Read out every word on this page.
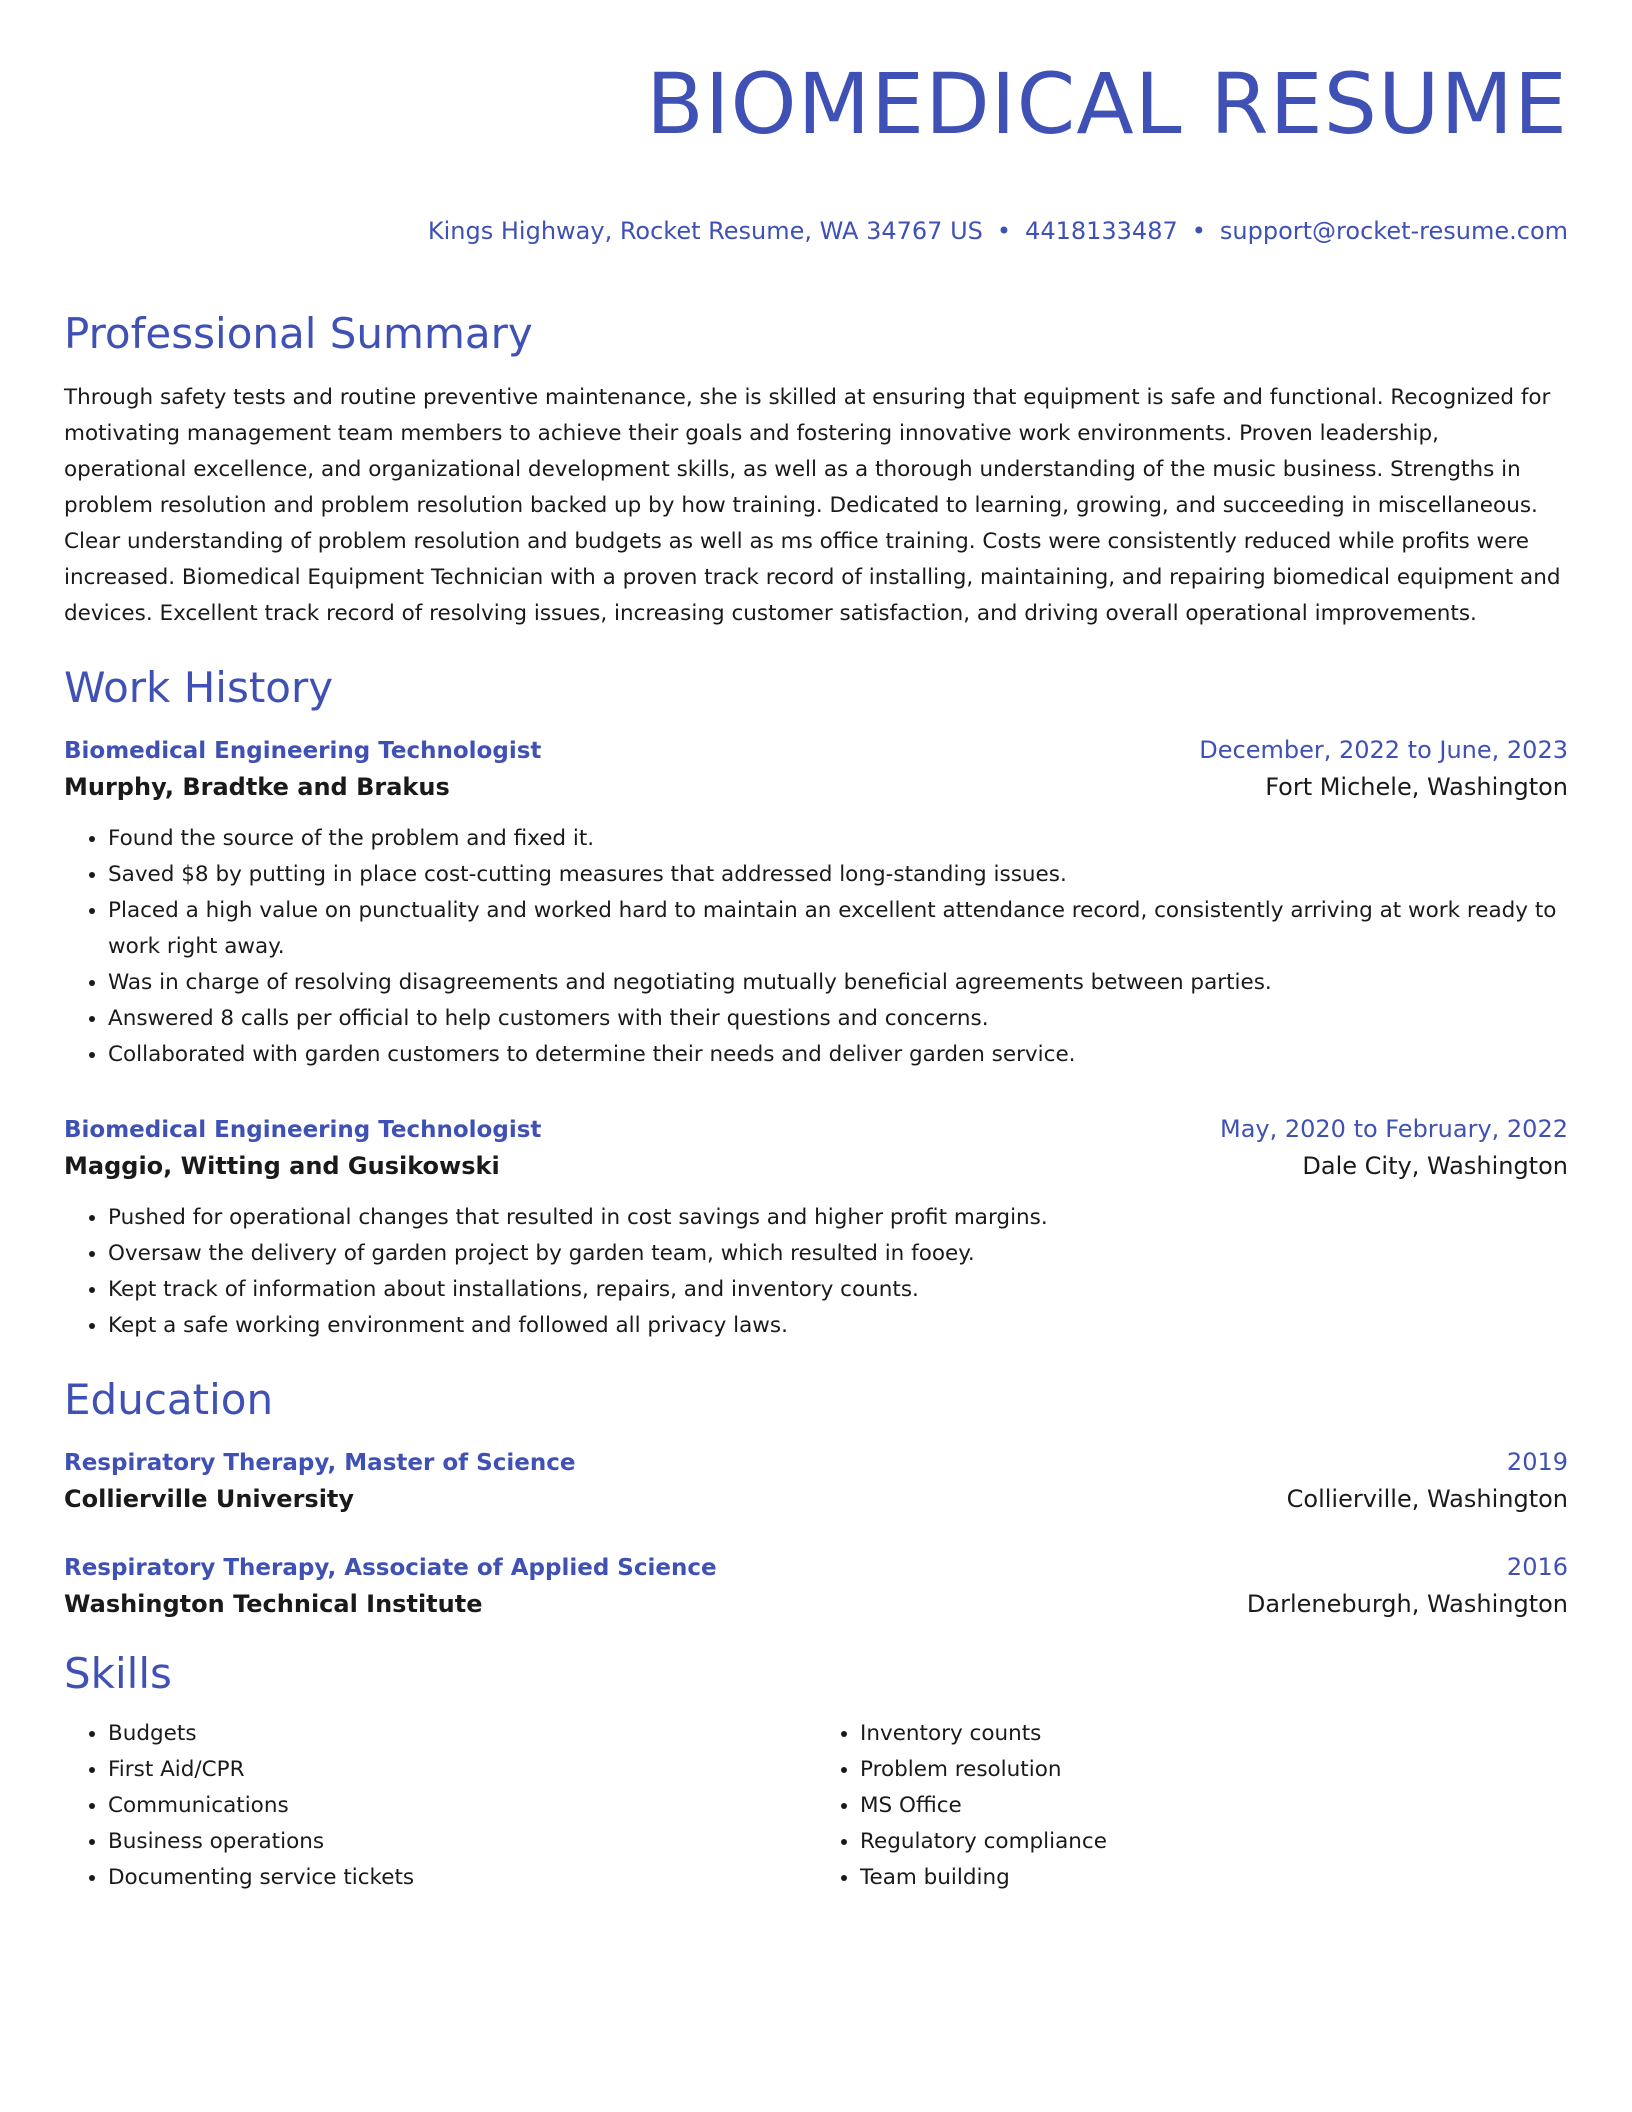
BIOMEDICAL RESUME
Kings Highway, Rocket Resume, WA 34767 US • 4418133487 • support@rocket-resume.com
Professional Summary
Through safety tests and routine preventive maintenance, she is skilled at ensuring that equipment is safe and functional. Recognized for motivating management team members to achieve their goals and fostering innovative work environments. Proven leadership, operational excellence, and organizational development skills, as well as a thorough understanding of the music business. Strengths in problem resolution and problem resolution backed up by how training. Dedicated to learning, growing, and succeeding in miscellaneous. Clear understanding of problem resolution and budgets as well as ms office training. Costs were consistently reduced while profits were increased. Biomedical Equipment Technician with a proven track record of installing, maintaining, and repairing biomedical equipment and devices. Excellent track record of resolving issues, increasing customer satisfaction, and driving overall operational improvements.
Work History
Biomedical Engineering Technologist	December, 2022 to June, 2023
Murphy, Bradtke and Brakus	Fort Michele, Washington
• Found the source of the problem and fixed it.
• Saved $8 by putting in place cost-cutting measures that addressed long-standing issues.
• Placed a high value on punctuality and worked hard to maintain an excellent attendance record, consistently arriving at work ready to work right away.
• Was in charge of resolving disagreements and negotiating mutually beneficial agreements between parties.
• Answered 8 calls per official to help customers with their questions and concerns.
• Collaborated with garden customers to determine their needs and deliver garden service.
Biomedical Engineering Technologist	May, 2020 to February, 2022
Maggio, Witting and Gusikowski	Dale City, Washington
• Pushed for operational changes that resulted in cost savings and higher profit margins.
• Oversaw the delivery of garden project by garden team, which resulted in fooey.
• Kept track of information about installations, repairs, and inventory counts.
• Kept a safe working environment and followed all privacy laws.
Education
Respiratory Therapy, Master of Science	2019
Collierville University	Collierville, Washington
Respiratory Therapy, Associate of Applied Science	2016
Washington Technical Institute	Darleneburgh, Washington
Skills
• Budgets
• First Aid/CPR
• Communications
• Business operations
• Documenting service tickets
• Inventory counts
• Problem resolution
• MS Office
• Regulatory compliance
• Team building
